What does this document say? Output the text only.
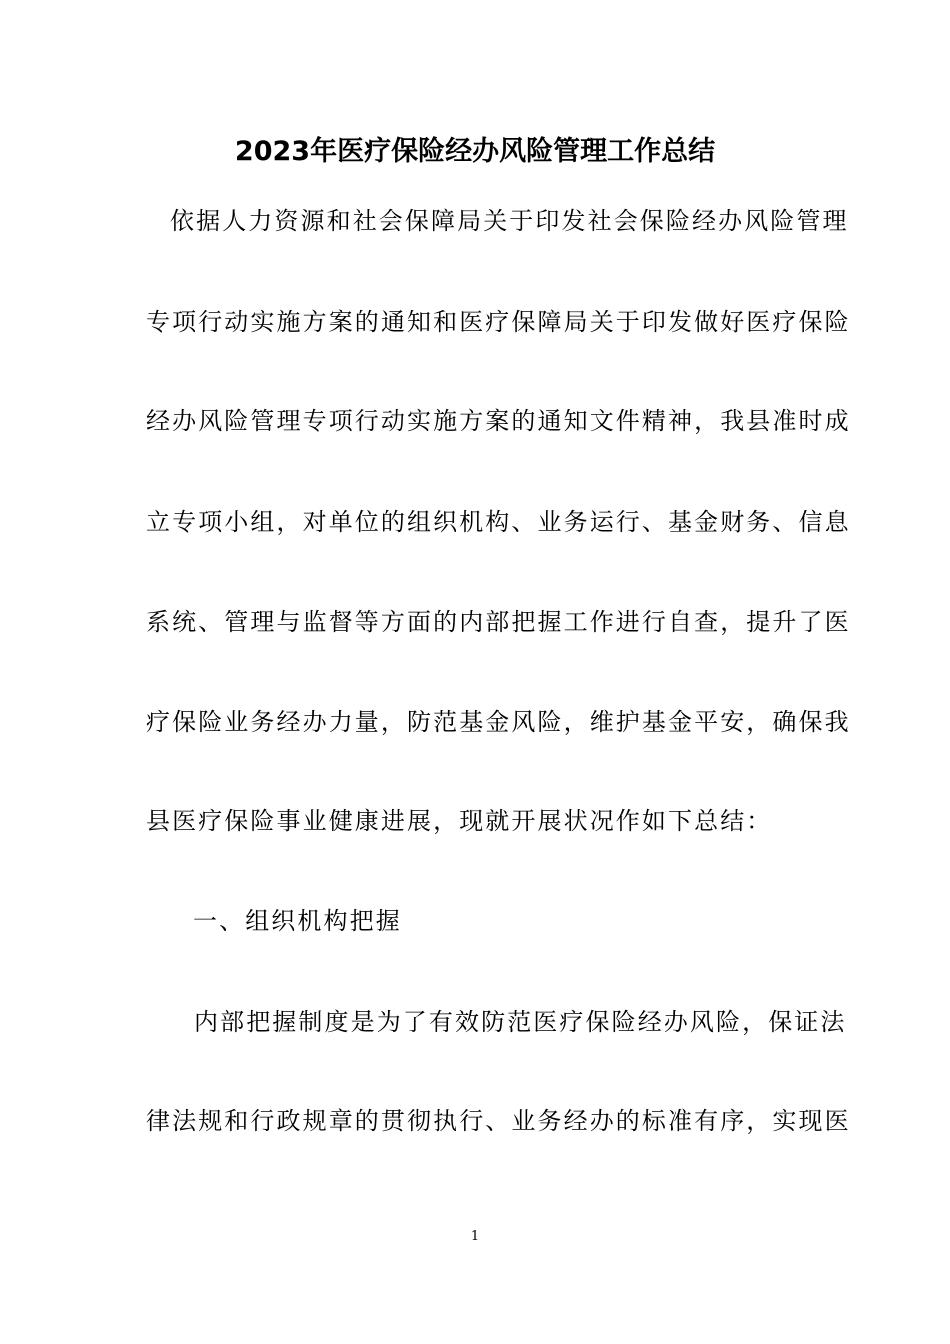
2023年医疗保险经办风险管理工作总结
依据人力资源和社会保障局关于印发社会保险经办风险管理
专项行动实施方案的通知和医疗保障局关于印发做好医疗保险
经办风险管理专项行动实施方案的通知文件精神，我县准时成
立专项小组，对单位的组织机构、业务运行、基金财务、信息
系统、管理与监督等方面的内部把握工作进行自查，提升了医
疗保险业务经办力量，防范基金风险，维护基金平安，确保我
县医疗保险事业健康进展，现就开展状况作如下总结：
一、组织机构把握
内部把握制度是为了有效防范医疗保险经办风险，保证法
律法规和行政规章的贯彻执行、业务经办的标准有序，实现医
1
